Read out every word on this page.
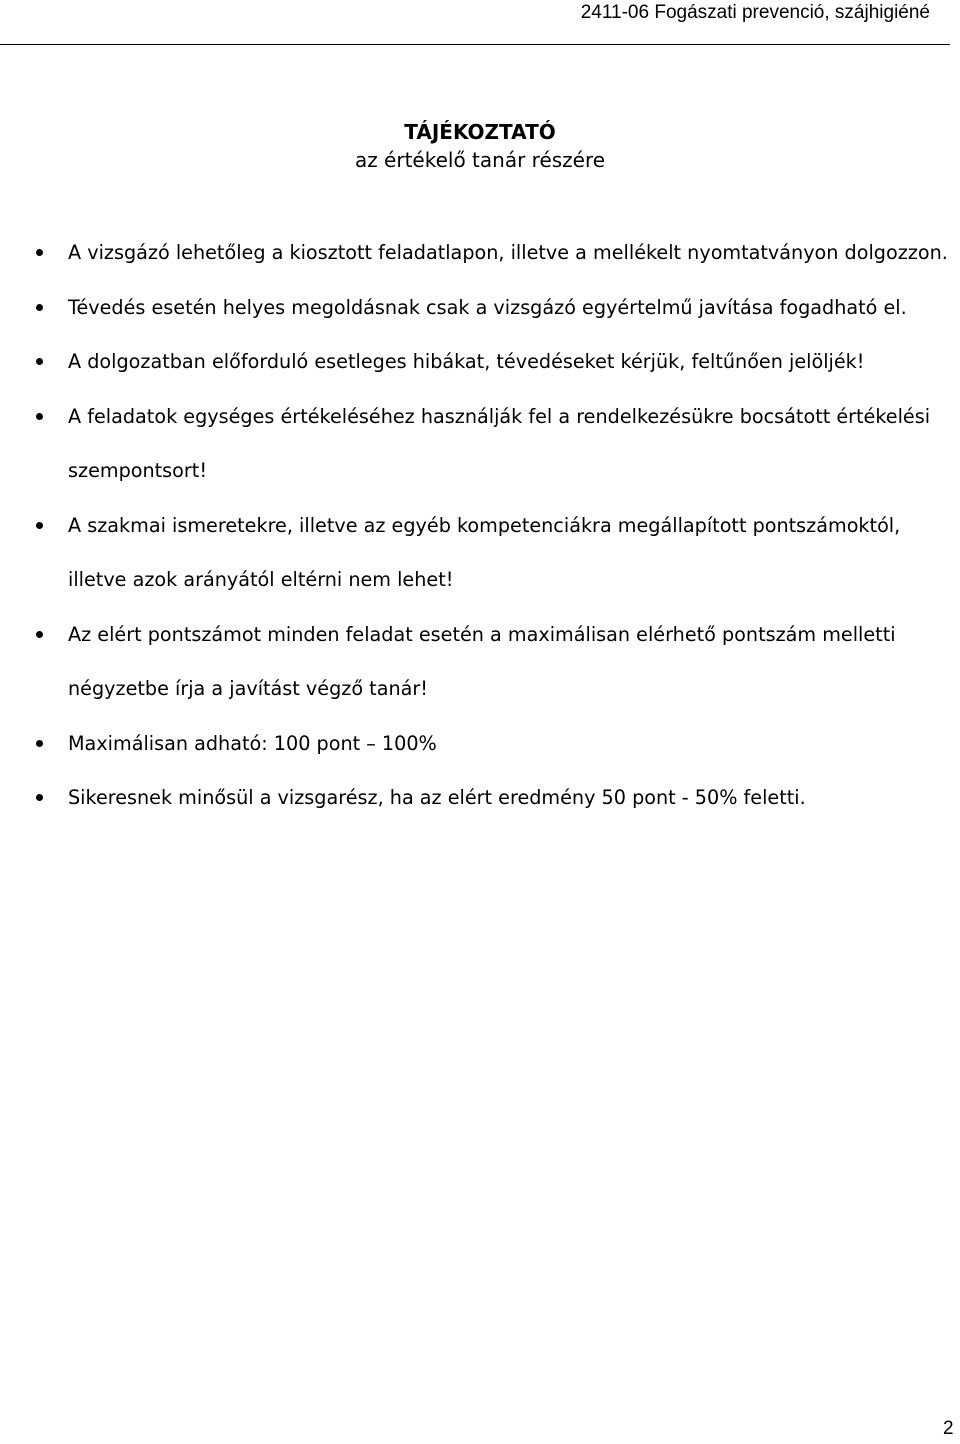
2411-06 Fogászati prevenció, szájhigiéné
TÁJÉKOZTATÓ
az értékelő tanár részére
A vizsgázó lehetőleg a kiosztott feladatlapon, illetve a mellékelt nyomtatványon dolgozzon.
Tévedés esetén helyes megoldásnak csak a vizsgázó egyértelmű javítása fogadható el.
A dolgozatban előforduló esetleges hibákat, tévedéseket kérjük, feltűnően jelöljék!
A feladatok egységes értékeléséhez használják fel a rendelkezésükre bocsátott értékelési szempontsort!
A szakmai ismeretekre, illetve az egyéb kompetenciákra megállapított pontszámoktól, illetve azok arányától eltérni nem lehet!
Az elért pontszámot minden feladat esetén a maximálisan elérhető pontszám melletti négyzetbe írja a javítást végző tanár!
Maximálisan adható: 100 pont – 100%
Sikeresnek minősül a vizsgarész, ha az elért eredmény 50 pont - 50% feletti.
2
